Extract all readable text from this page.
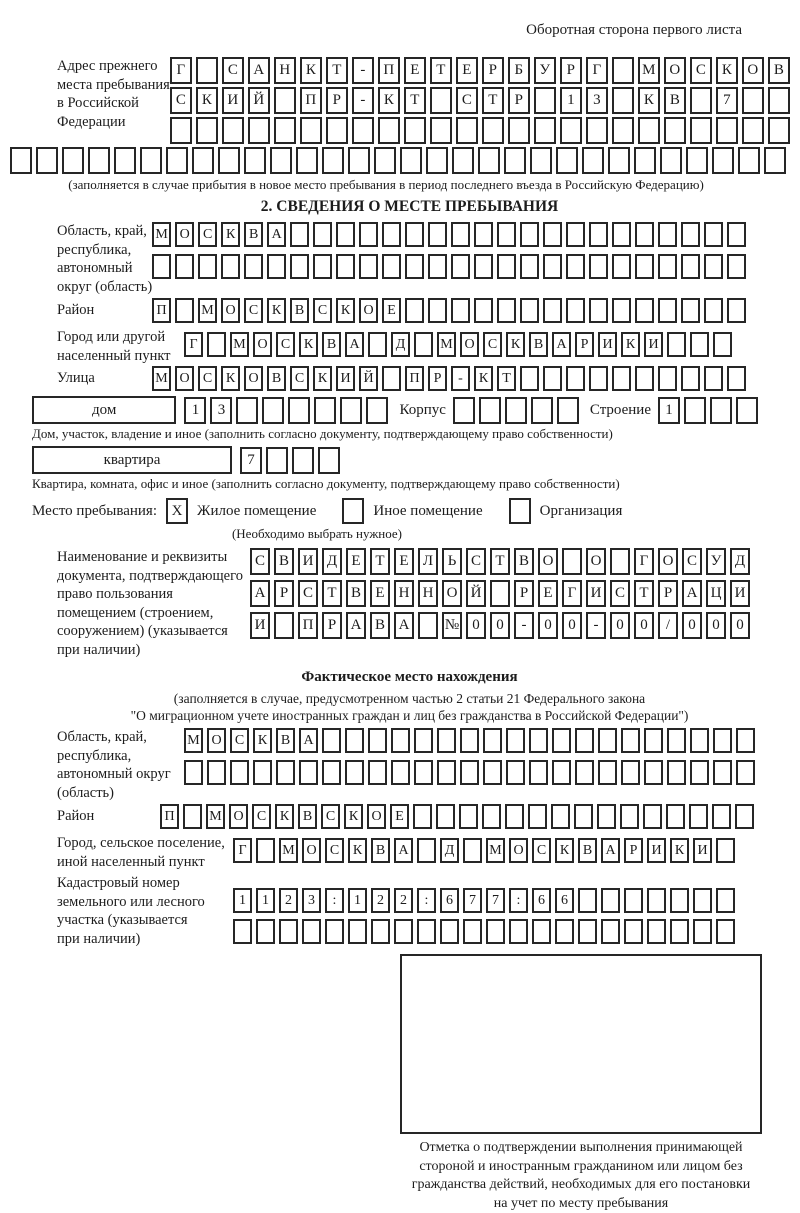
Оборотная сторона первого листа
Адрес прежнего
места пребывания
в Российской
Федерации
Г	С	А	Н	К	Т	-	П	Е	Т	Е	Р	Б	У	Р	Г	М О	С	К	О	В
С	К	И	Й	П	Р	-	К	Т	С	Т	Р	1	3	К	В	7
(заполняется в случае прибытия в новое место пребывания в период последнего въезда в Российскую Федерацию)
2. СВЕДЕНИЯ О МЕСТЕ ПРЕБЫВАНИЯ
Область, край,
республика,
автономный
округ (область)
М О С К В А
Район	П	М О С К В С К О Е
Город или другой
населенный пункт
Г	М О С К В А	Д	М О С К В А	Р	И К И
Улица	М О С К О В С К И Й	П	Р	-	К	Т
дом	1	3	Корпус	Строение 1
Дом, участок, владение и иное (заполнить согласно документу, подтверждающему право собственности)
квартира	7
Квартира, комната, офис и иное (заполнить согласно документу, подтверждающему право собственности)
Место пребывания: X Жилое помещение	Иное помещение	Организация
(Необходимо выбрать нужное)
Наименование и реквизиты
документа, подтверждающего
право пользования
помещением (строением,
сооружением) (указывается
при наличии)
С В И Д Е Т Е Л Ь С Т В О	О	Г О С У Д
А Р С Т В Е Н Н О Й	Р	Е	Г И С Т	Р А Ц И
И	П Р А В А	№ 0	0	-	0	0	-	0	0	/	0	0	0
Фактическое место нахождения
(заполняется в случае, предусмотренном частью 2 статьи 21 Федерального закона
"О миграционном учете иностранных граждан и лиц без гражданства в Российской Федерации")
Область, край,
республика,
автономный округ
(область)
М О С К В А
Район	П	М О С К В С К О Е
Город, сельское поселение,
иной населенный пункт
Г	М О С К В А	Д	М О С К В А	Р	И К И
Кадастровый номер
земельного или лесного
участка (указывается
при наличии)
1	1	2	3	:	1	2	2	:	6	7	7	:	6	6
Отметка о подтверждении выполнения принимающей
стороной и иностранным гражданином или лицом без
гражданства действий, необходимых для его постановки
на учет по месту пребывания
